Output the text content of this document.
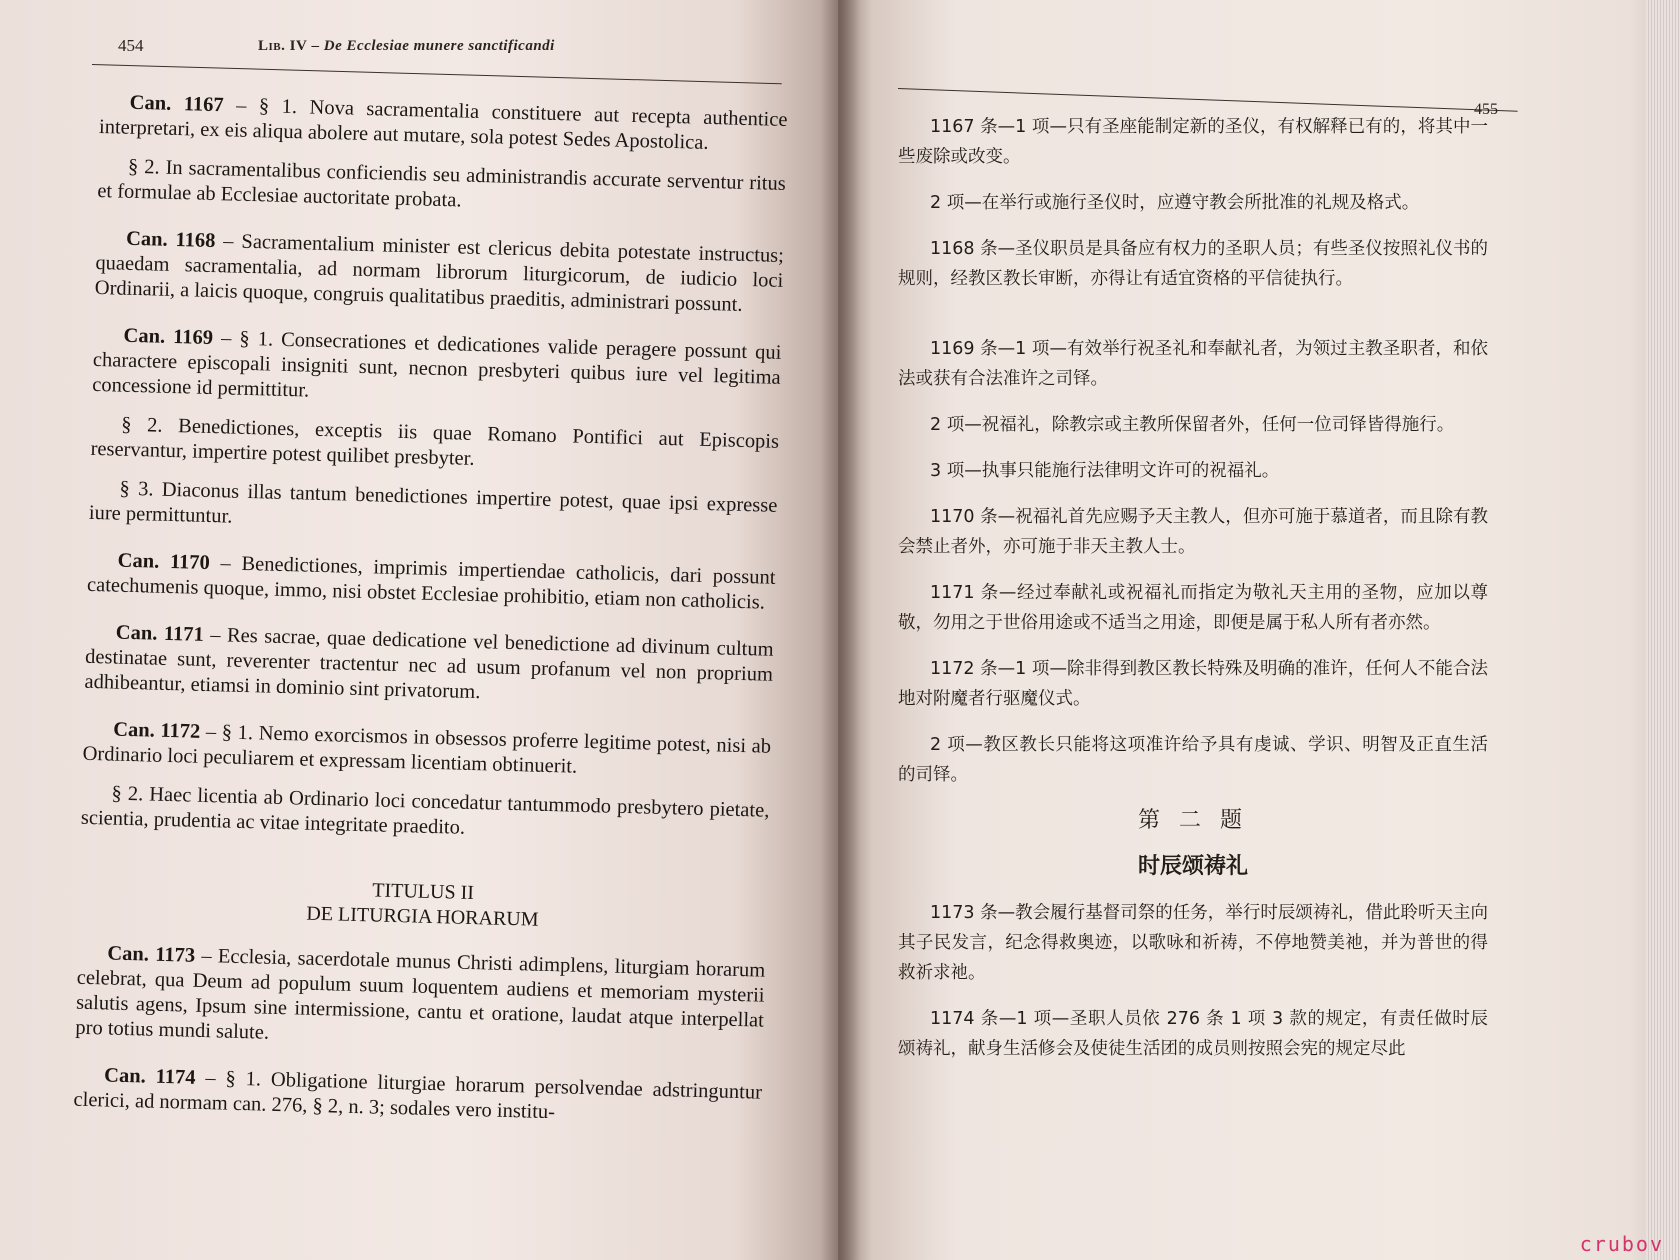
454	Lib. IV – De Ecclesiae munere sanctificandi

Can. 1167 – § 1. Nova sacramentalia constituere aut recepta authentice interpretari, ex eis aliqua abolere aut mutare, sola potest Sedes Apostolica.

§ 2. In sacramentalibus conficiendis seu administrandis accurate serventur ritus et formulae ab Ecclesiae auctoritate probata.

Can. 1168 – Sacramentalium minister est clericus debita potestate instructus; quaedam sacramentalia, ad normam librorum liturgicorum, de iudicio loci Ordinarii, a laicis quoque, congruis qualitatibus praeditis, administrari possunt.

Can. 1169 – § 1. Consecrationes et dedicationes valide peragere possunt qui charactere episcopali insigniti sunt, necnon presbyteri quibus iure vel legitima concessione id permittitur.

§ 2. Benedictiones, exceptis iis quae Romano Pontifici aut Episcopis reservantur, impertire potest quilibet presbyter.

§ 3. Diaconus illas tantum benedictiones impertire potest, quae ipsi expresse iure permittuntur.

Can. 1170 – Benedictiones, imprimis impertiendae catholicis, dari possunt catechumenis quoque, immo, nisi obstet Ecclesiae prohibitio, etiam non catholicis.

Can. 1171 – Res sacrae, quae dedicatione vel benedictione ad divinum cultum destinatae sunt, reverenter tractentur nec ad usum profanum vel non proprium adhibeantur, etiamsi in dominio sint privatorum.

Can. 1172 – § 1. Nemo exorcismos in obsessos proferre legitime potest, nisi ab Ordinario loci peculiarem et expressam licentiam obtinuerit.

§ 2. Haec licentia ab Ordinario loci concedatur tantummodo presbytero pietate, scientia, prudentia ac vitae integritate praedito.

TITULUS II
DE LITURGIA HORARUM

Can. 1173 – Ecclesia, sacerdotale munus Christi adimplens, liturgiam horarum celebrat, qua Deum ad populum suum loquentem audiens et memoriam mysterii salutis agens, Ipsum sine intermissione, cantu et oratione, laudat atque interpellat pro totius mundi salute.

Can. 1174 – § 1. Obligatione liturgiae horarum persolvendae adstringuntur clerici, ad normam can. 276, § 2, n. 3; sodales vero institu-

455

1167 条—1 项—只有圣座能制定新的圣仪，有权解释已有的，将其中一些废除或改变。

2 项—在举行或施行圣仪时，应遵守教会所批准的礼规及格式。

1168 条—圣仪职员是具备应有权力的圣职人员；有些圣仪按照礼仪书的规则，经教区教长审断，亦得让有适宜资格的平信徒执行。

1169 条—1 项—有效举行祝圣礼和奉献礼者，为领过主教圣职者，和依法或获有合法准许之司铎。

2 项—祝福礼，除教宗或主教所保留者外，任何一位司铎皆得施行。

3 项—执事只能施行法律明文许可的祝福礼。

1170 条—祝福礼首先应赐予天主教人，但亦可施于慕道者，而且除有教会禁止者外，亦可施于非天主教人士。

1171 条—经过奉献礼或祝福礼而指定为敬礼天主用的圣物，应加以尊敬，勿用之于世俗用途或不适当之用途，即便是属于私人所有者亦然。

1172 条—1 项—除非得到教区教长特殊及明确的准许，任何人不能合法地对附魔者行驱魔仪式。

2 项—教区教长只能将这项准许给予具有虔诚、学识、明智及正直生活的司铎。

第 二 题

时辰颂祷礼

1173 条—教会履行基督司祭的任务，举行时辰颂祷礼，借此聆听天主向其子民发言，纪念得救奥迹，以歌咏和祈祷，不停地赞美祂，并为普世的得救祈求祂。

1174 条—1 项—圣职人员依 276 条 1 项 3 款的规定，有责任做时辰颂祷礼，献身生活修会及使徒生活团的成员则按照会宪的规定尽此

crubov
